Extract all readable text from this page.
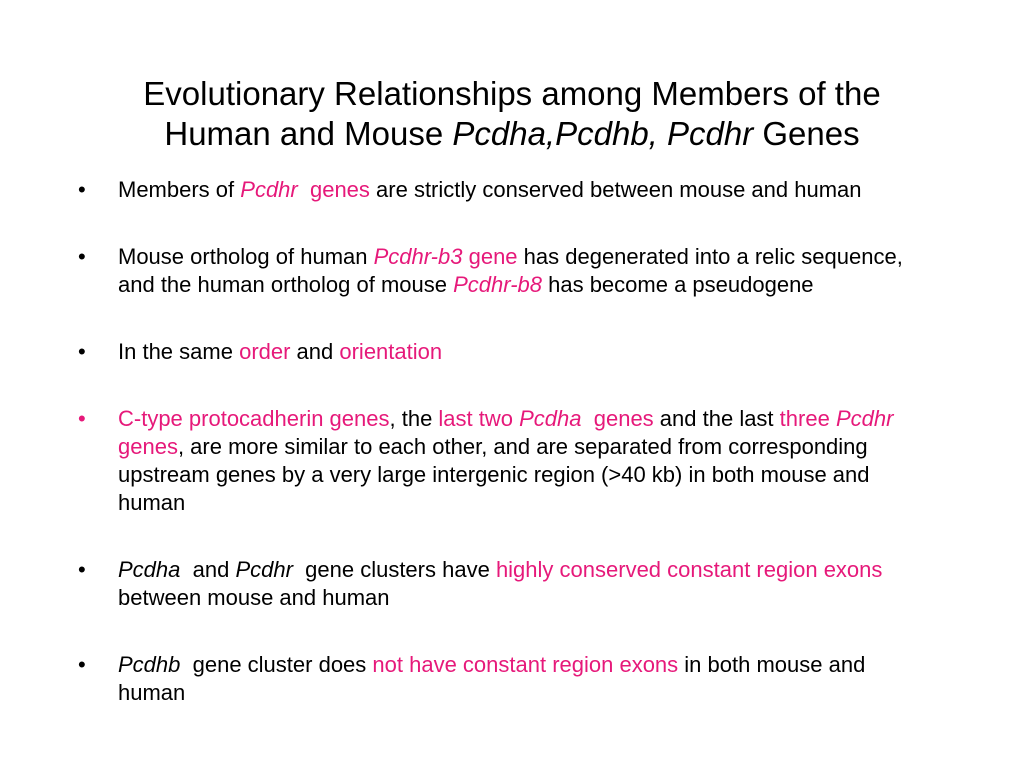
Evolutionary Relationships among Members of the
Human and Mouse Pcdha,Pcdhb, Pcdhr Genes
•	Members of Pcdhr  genes are strictly conserved between mouse and human
•	Mouse ortholog of human Pcdhr-b3 gene has degenerated into a relic sequence, and the human ortholog of mouse Pcdhr-b8 has become a pseudogene
•	In the same order and orientation
•	C-type protocadherin genes, the last two Pcdha  genes and the last three Pcdhr  genes, are more similar to each other, and are separated from corresponding upstream genes by a very large intergenic region (>40 kb) in both mouse and human
•	Pcdha  and Pcdhr  gene clusters have highly conserved constant region exons between mouse and human
•	Pcdhb  gene cluster does not have constant region exons in both mouse and human
